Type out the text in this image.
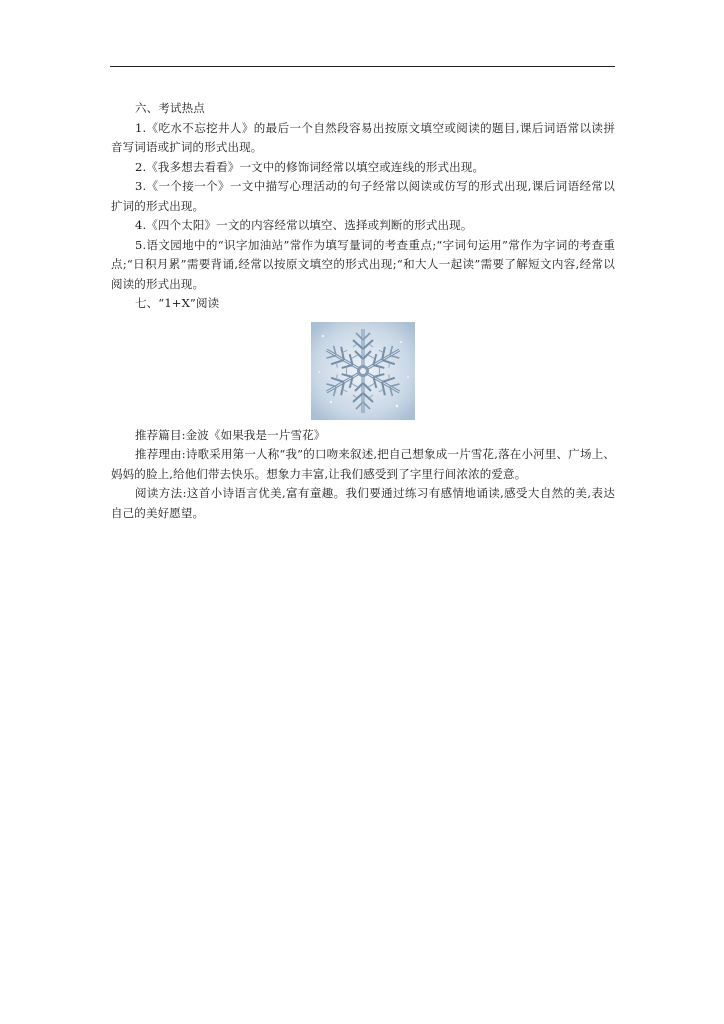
六、考试热点

1.《吃水不忘挖井人》的最后一个自然段容易出按原文填空或阅读的题目,课后词语常以读拼音写词语或扩词的形式出现。

2.《我多想去看看》一文中的修饰词经常以填空或连线的形式出现。

3.《一个接一个》一文中描写心理活动的句子经常以阅读或仿写的形式出现,课后词语经常以扩词的形式出现。

4.《四个太阳》一文的内容经常以填空、选择或判断的形式出现。

5.语文园地中的“识字加油站”常作为填写量词的考查重点;“字词句运用”常作为字词的考查重点;“日积月累”需要背诵,经常以按原文填空的形式出现;“和大人一起读”需要了解短文内容,经常以阅读的形式出现。

七、“1+X”阅读

推荐篇目:金波《如果我是一片雪花》

推荐理由:诗歌采用第一人称“我”的口吻来叙述,把自己想象成一片雪花,落在小河里、广场上、妈妈的脸上,给他们带去快乐。想象力丰富,让我们感受到了字里行间浓浓的爱意。

阅读方法:这首小诗语言优美,富有童趣。我们要通过练习有感情地诵读,感受大自然的美,表达自己的美好愿望。
